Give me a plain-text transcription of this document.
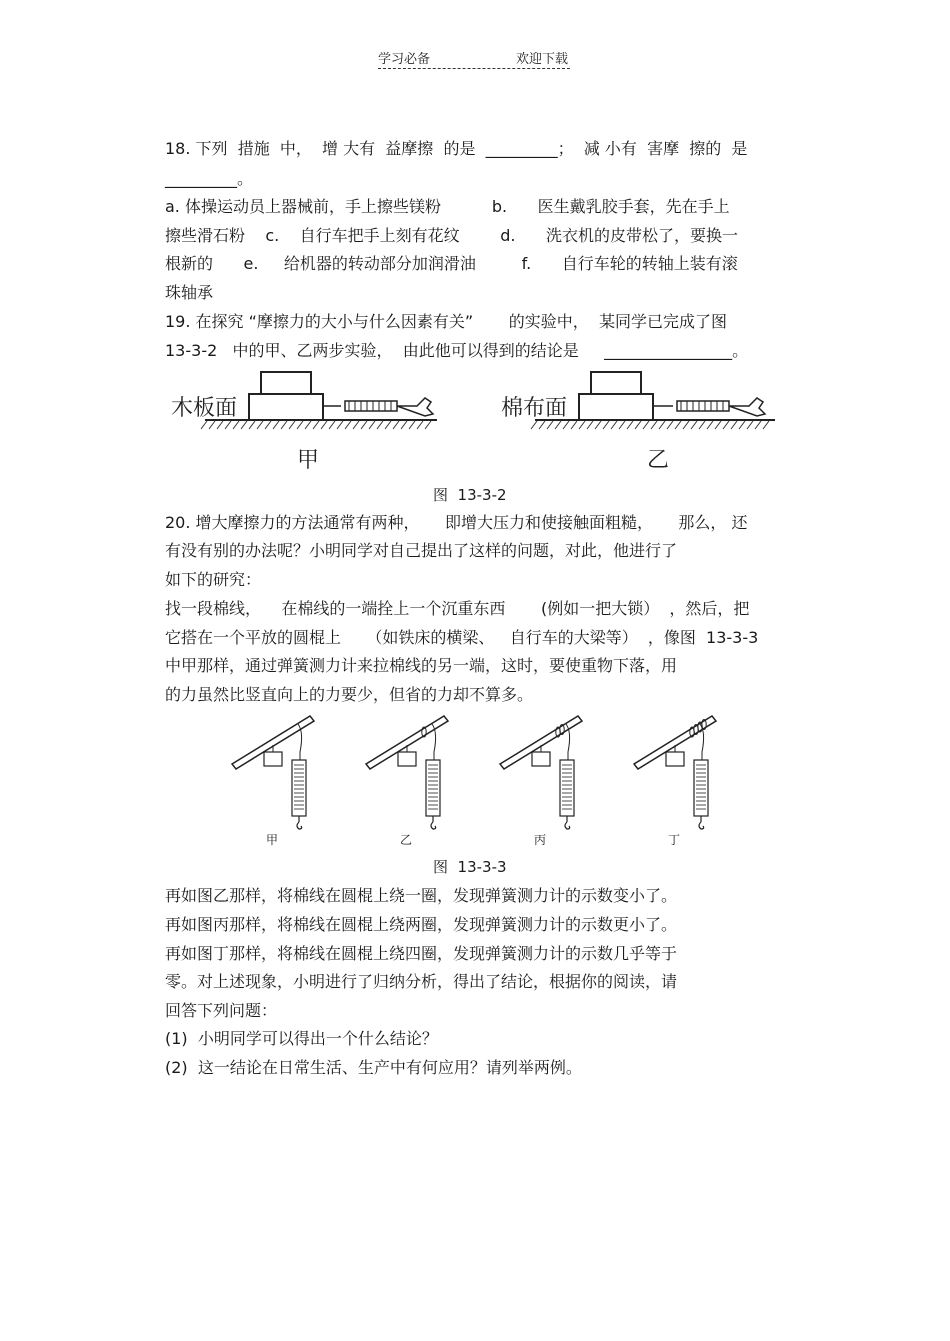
学习必备	欢迎下载
18. 下列  措施  中，  增 大有  益摩擦  的是  _________；  减 小有  害摩  擦的  是
_________。
a. 体操运动员上器械前，手上擦些镁粉          b.      医生戴乳胶手套，先在手上
擦些滑石粉    c.    自行车把手上刻有花纹        d.      洗衣机的皮带松了，要换一
根新的      e.     给机器的转动部分加润滑油         f.      自行车轮的转轴上装有滚
珠轴承
19. 在探究 “摩擦力的大小与什么因素有关”       的实验中，  某同学已完成了图
13-3-2   中的甲、乙两步实验，  由此他可以得到的结论是     ________________。
20. 增大摩擦力的方法通常有两种，     即增大压力和使接触面粗糙，     那么， 还
有没有别的办法呢？小明同学对自己提出了这样的问题，对此，他进行了
如下的研究：
找一段棉线，    在棉线的一端拴上一个沉重东西       (例如一把大锁）  ，然后，把
它搭在一个平放的圆棍上     （如铁床的横梁、   自行车的大梁等）  ，像图  13-3-3
中甲那样，通过弹簧测力计来拉棉线的另一端，这时，要使重物下落，用
的力虽然比竖直向上的力要少，但省的力却不算多。
再如图乙那样，将棉线在圆棍上绕一圈，发现弹簧测力计的示数变小了。
再如图丙那样，将棉线在圆棍上绕两圈，发现弹簧测力计的示数更小了。
再如图丁那样，将棉线在圆棍上绕四圈，发现弹簧测力计的示数几乎等于
零。对上述现象，小明进行了归纳分析，得出了结论，根据你的阅读，请
回答下列问题：
(1)  小明同学可以得出一个什么结论？
(2)  这一结论在日常生活、生产中有何应用？请列举两例。
木板面
甲
棉布面
乙
图  13-3-2
甲	乙	丙	丁
图  13-3-3
